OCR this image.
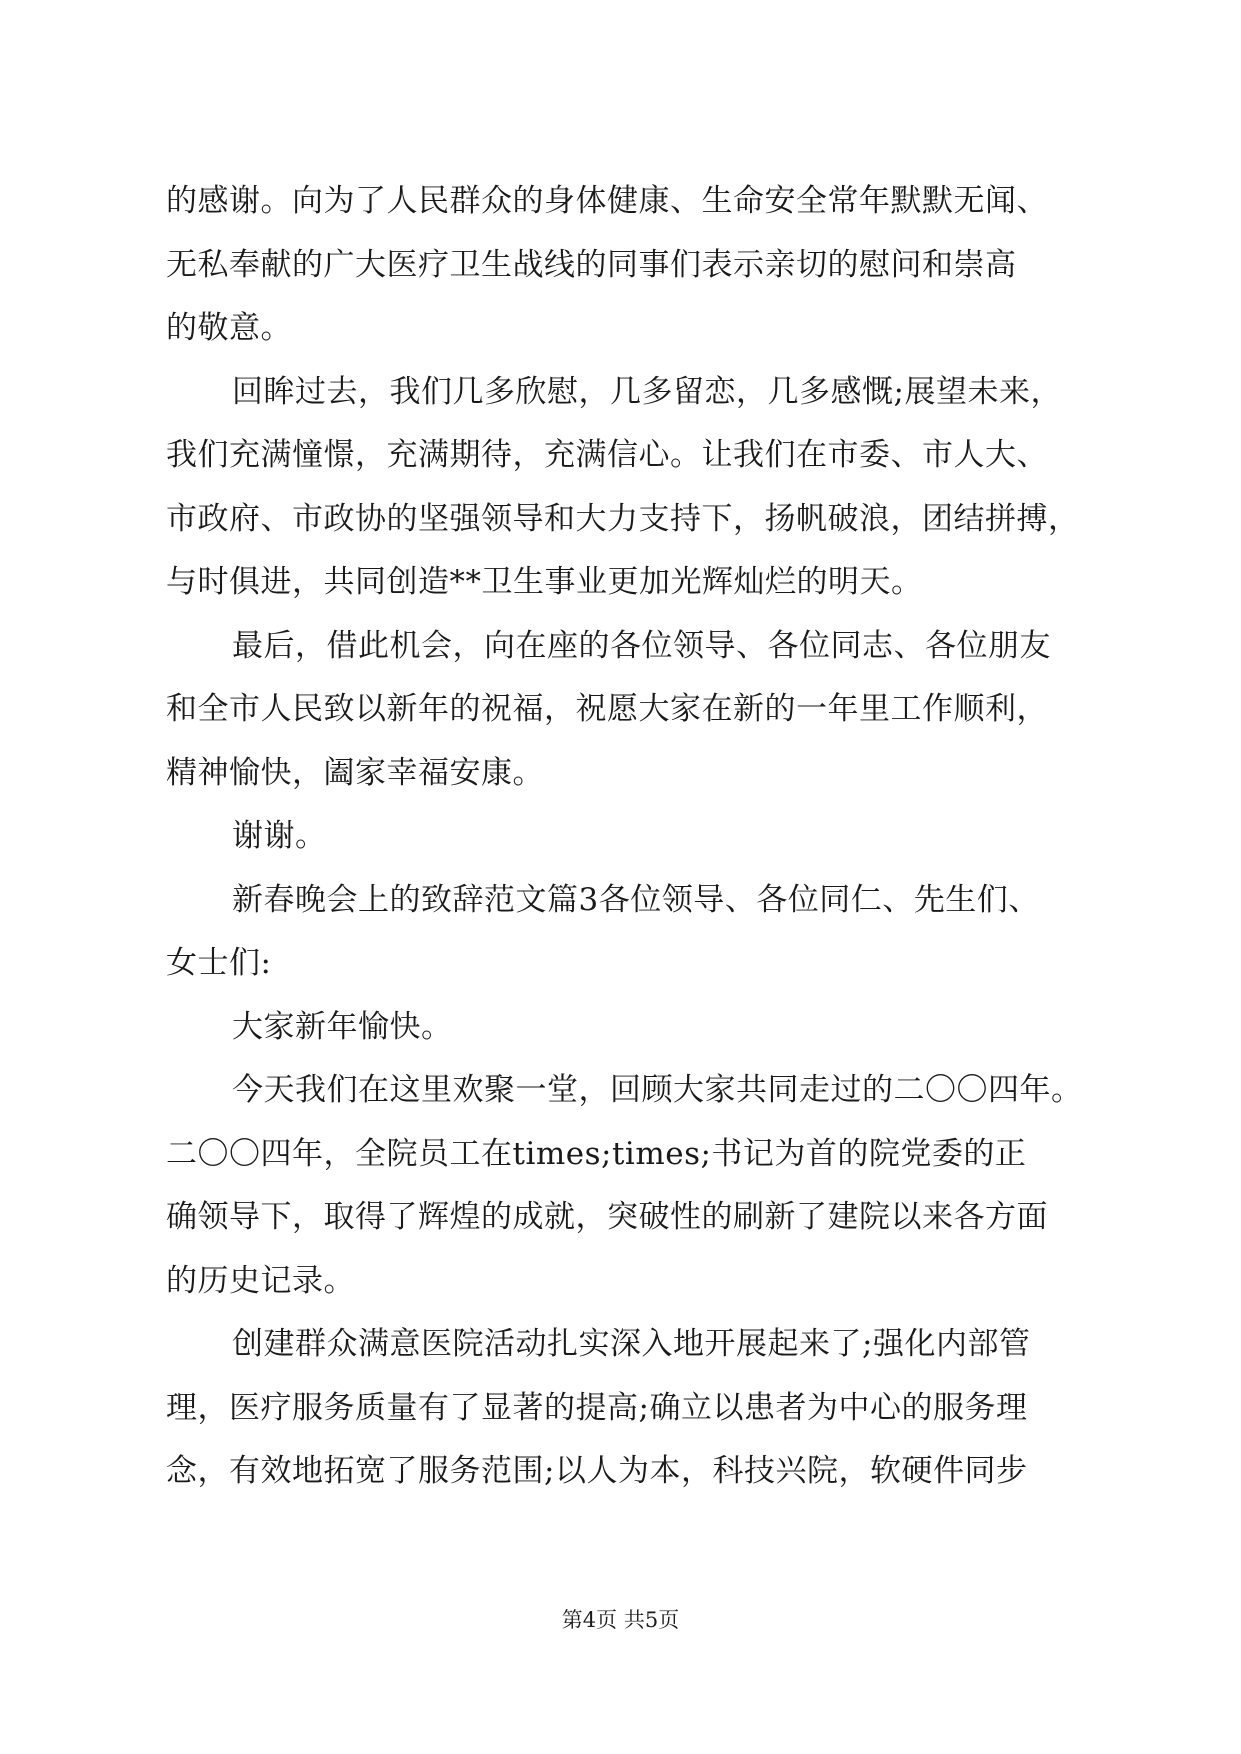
的感谢。向为了人民群众的身体健康、生命安全常年默默无闻、
无私奉献的广大医疗卫生战线的同事们表示亲切的慰问和崇高
的敬意。
回眸过去，我们几多欣慰，几多留恋，几多感慨;展望未来，
我们充满憧憬，充满期待，充满信心。让我们在市委、市人大、
市政府、市政协的坚强领导和大力支持下，扬帆破浪，团结拼搏，
与时俱进，共同创造**卫生事业更加光辉灿烂的明天。
最后，借此机会，向在座的各位领导、各位同志、各位朋友
和全市人民致以新年的祝福，祝愿大家在新的一年里工作顺利，
精神愉快，阖家幸福安康。
谢谢。
新春晚会上的致辞范文篇3各位领导、各位同仁、先生们、
女士们:
大家新年愉快。
今天我们在这里欢聚一堂，回顾大家共同走过的二〇〇四年。
二〇〇四年，全院员工在times;times;书记为首的院党委的正
确领导下，取得了辉煌的成就，突破性的刷新了建院以来各方面
的历史记录。
创建群众满意医院活动扎实深入地开展起来了;强化内部管
理，医疗服务质量有了显著的提高;确立以患者为中心的服务理
念，有效地拓宽了服务范围;以人为本，科技兴院，软硬件同步
第4页 共5页
